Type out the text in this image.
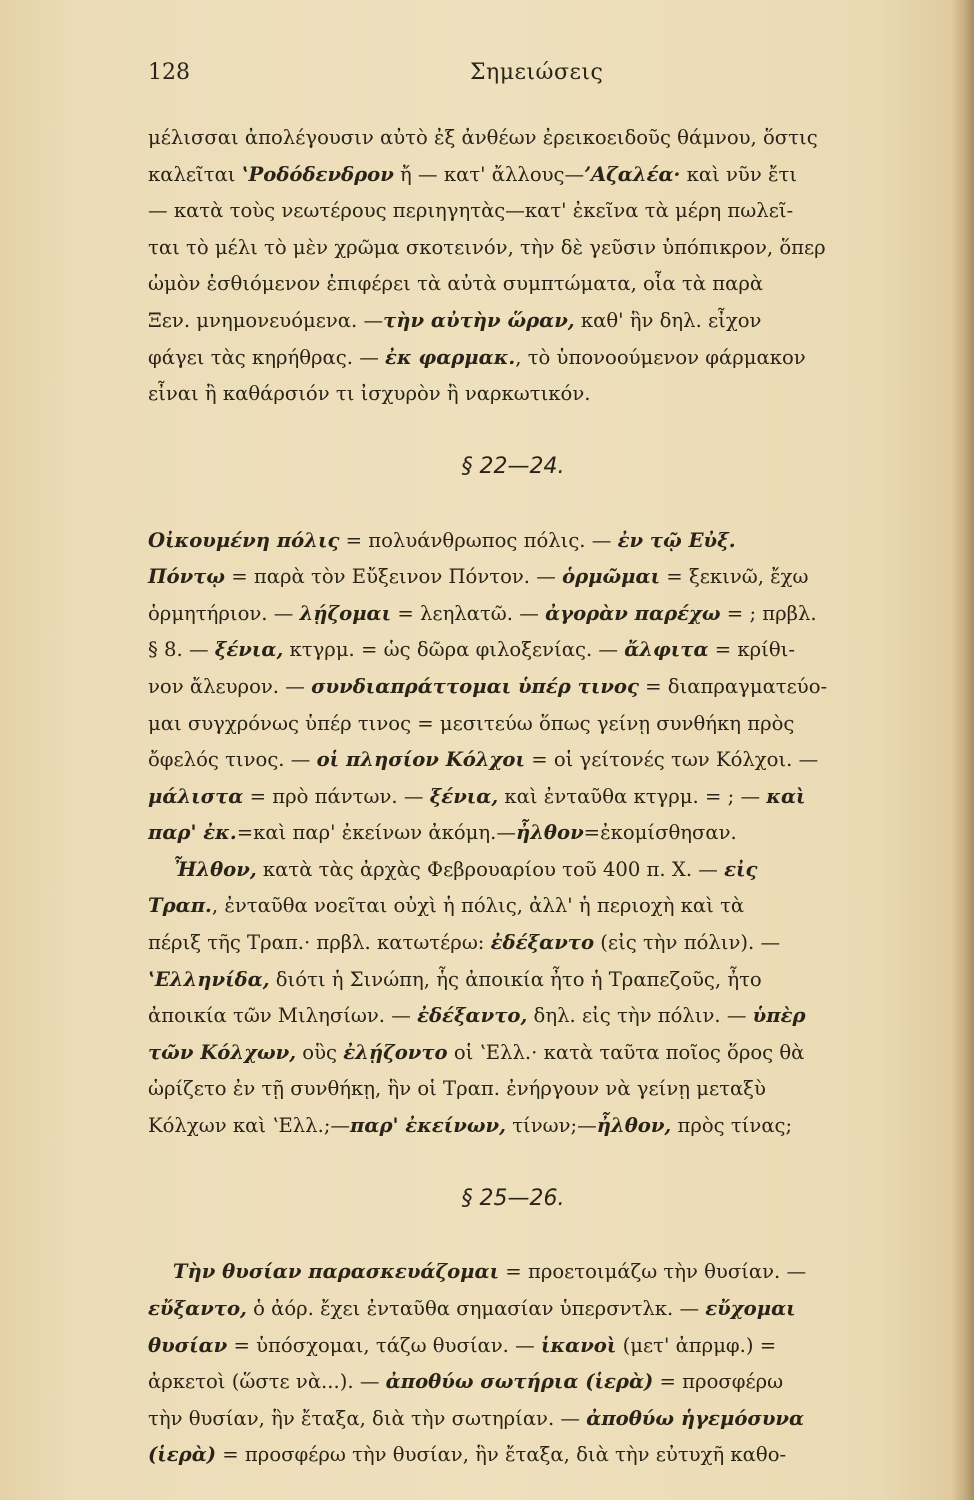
128	Σημειώσεις
μέλισσαι ἀπολέγουσιν αὐτὸ ἐξ ἀνθέων ἐρεικοειδοῦς θάμνου, ὅστις
καλεῖται ʽΡοδόδενδρον ἤ — κατ' ἄλλους—ʼΑζαλέα· καὶ νῦν ἔτι
— κατὰ τοὺς νεωτέρους περιηγητὰς—κατ' ἐκεῖνα τὰ μέρη πωλεῖ-
ται τὸ μέλι τὸ μὲν χρῶμα σκοτεινόν, τὴν δὲ γεῦσιν ὑπόπικρον, ὅπερ
ὠμὸν ἐσθιόμενον ἐπιφέρει τὰ αὐτὰ συμπτώματα, οἷα τὰ παρὰ
Ξεν. μνημονευόμενα. —τὴν αὐτὴν ὥραν, καθ' ἣν δηλ. εἶχον
φάγει τὰς κηρήθρας. — ἐκ φαρμακ., τὸ ὑπονοούμενον φάρμακον
εἶναι ἢ καθάρσιόν τι ἰσχυρὸν ἢ ναρκωτικόν.
§ 22—24.
Οἰκουμένη πόλις = πολυάνθρωπος πόλις. — ἐν τῷ Εὐξ.
Πόντῳ = παρὰ τὸν Εὔξεινον Πόντον. — ὁρμῶμαι = ξεκινῶ, ἔχω
ὁρμητήριον. — λῄζομαι = λεηλατῶ. — ἀγορὰν παρέχω = ; πρβλ.
§ 8. — ξένια, κτγρμ. = ὡς δῶρα φιλοξενίας. — ἄλφιτα = κρίθι-
νον ἄλευρον. — συνδιαπράττομαι ὑπέρ τινος = διαπραγματεύο-
μαι συγχρόνως ὑπέρ τινος = μεσιτεύω ὅπως γείνῃ συνθήκη πρὸς
ὄφελός τινος. — οἱ πλησίον Κόλχοι = οἱ γείτονές των Κόλχοι. —
μάλιστα = πρὸ πάντων. — ξένια, καὶ ἐνταῦθα κτγρμ. = ; — καὶ
παρ' ἐκ.=καὶ παρ' ἐκείνων ἀκόμη.—ἦλθον=ἐκομίσθησαν.
Ἦλθον, κατὰ τὰς ἀρχὰς Φεβρουαρίου τοῦ 400 π. Χ. — εἰς
Τραπ., ἐνταῦθα νοεῖται οὐχὶ ἡ πόλις, ἀλλ' ἡ περιοχὴ καὶ τὰ
πέριξ τῆς Τραπ.· πρβλ. κατωτέρω: ἐδέξαντο (εἰς τὴν πόλιν). —
ʽΕλληνίδα, διότι ἡ Σινώπη, ἧς ἀποικία ἦτο ἡ Τραπεζοῦς, ἦτο
ἀποικία τῶν Μιλησίων. — ἐδέξαντο, δηλ. εἰς τὴν πόλιν. — ὑπὲρ
τῶν Κόλχων, οὓς ἐλῄζοντο οἱ ʽΕλλ.· κατὰ ταῦτα ποῖος ὅρος θὰ
ὡρίζετο ἐν τῇ συνθήκῃ, ἣν οἱ Τραπ. ἐνήργουν νὰ γείνῃ μεταξὺ
Κόλχων καὶ ʽΕλλ.;—παρ' ἐκείνων, τίνων;—ἦλθον, πρὸς τίνας;
§ 25—26.
Τὴν θυσίαν παρασκευάζομαι = προετοιμάζω τὴν θυσίαν. —
εὔξαντο, ὁ ἀόρ. ἔχει ἐνταῦθα σημασίαν ὑπερσντλκ. — εὔχομαι
θυσίαν = ὑπόσχομαι, τάζω θυσίαν. — ἱκανοὶ (μετ' ἀπρμφ.) =
ἀρκετοὶ (ὥστε νὰ...). — ἀποθύω σωτήρια (ἱερὰ) = προσφέρω
τὴν θυσίαν, ἣν ἔταξα, διὰ τὴν σωτηρίαν. — ἀποθύω ἡγεμόσυνα
(ἱερὰ) = προσφέρω τὴν θυσίαν, ἣν ἔταξα, διὰ τὴν εὐτυχῆ καθο-
